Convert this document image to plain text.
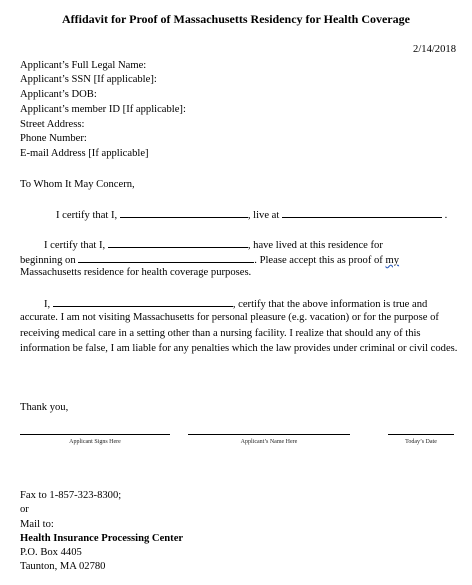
Affidavit for Proof of Massachusetts Residency for Health Coverage
2/14/2018
Applicant’s Full Legal Name:
Applicant’s SSN [If applicable]:
Applicant’s DOB:
Applicant’s member ID [If applicable]:
Street Address:
Phone Number:
E-mail Address [If applicable]
To Whom It May Concern,
I certify that I,	, live at	.
I certify that I,	, have lived at this residence for
beginning on	. Please accept this as proof of my
Massachusetts residence for health coverage purposes.
I,	, certify that the above information is true and
accurate. I am not visiting Massachusetts for personal pleasure (e.g. vacation) or for the purpose of receiving medical care in a setting other than a nursing facility. I realize that should any of this information be false, I am liable for any penalties which the law provides under criminal or civil codes.
Thank you,
Applicant Signs Here	Applicant’s Name Here	Today’s Date
Fax to 1-857-323-8300;
or
Mail to:
Health Insurance Processing Center
P.O. Box 4405
Taunton, MA 02780
